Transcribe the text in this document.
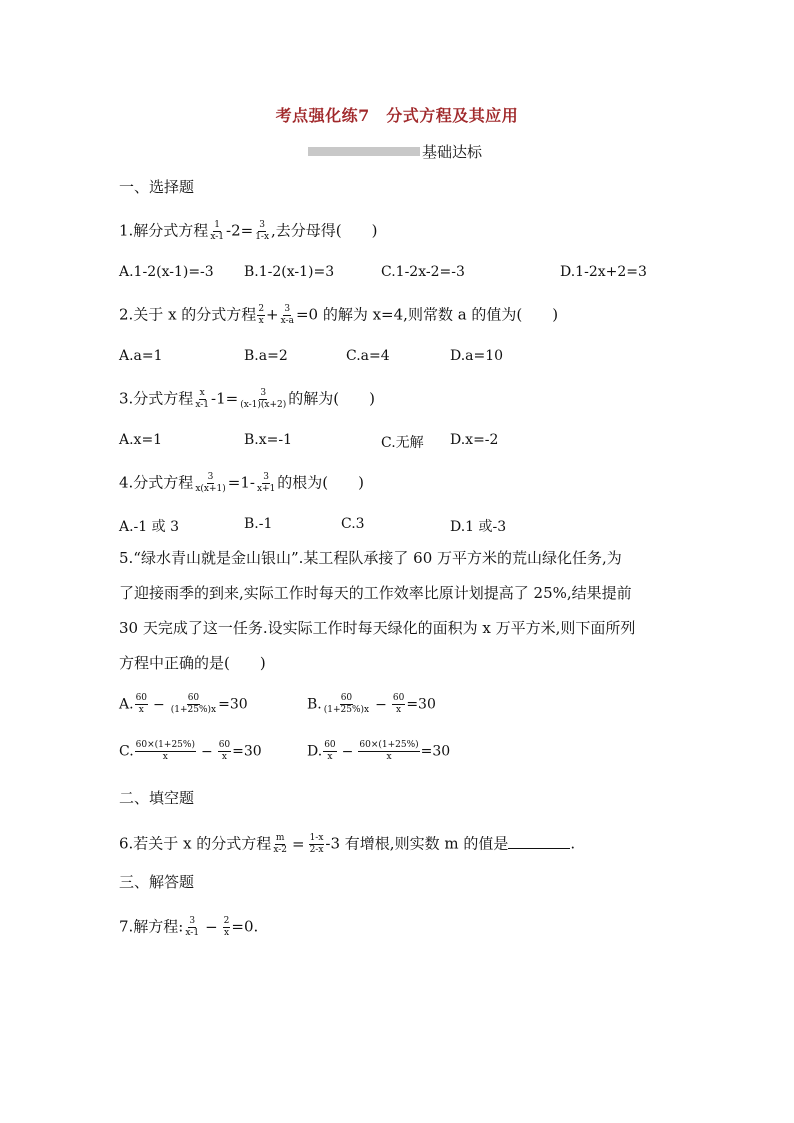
考点强化练7　分式方程及其应用
基础达标
一、选择题
1.解分式方程 $\frac{1}{x-1} -2= \frac{3}{1-x}$ ,去分母得( )
A.1-2(x-1)=-3 B.1-2(x-1)=3	C.1-2x-2=-3	D.1-2x+2=3
2.关于 x 的分式方程 $\frac{2}{x} + \frac{3}{x-a} =0$ 的解为 x=4,则常数 a 的值为( )
A.a=1	B.a=2	C.a=4	D.a=10
3.分式方程 $\frac{x}{x-1} -1= \frac{3}{(x-1)(x+2)}$ 的解为( )
A.x=1	B.x=-1	C.无解 D.x=-2
4.分式方程 $\frac{3}{x(x+1)} =1- \frac{3}{x+1}$ 的根为( )
A.-1 或 3	B.-1	C.3	D.1 或-3
5.“绿水青山就是金山银山”.某工程队承接了 60 万平方米的荒山绿化任务,为
了迎接雨季的到来,实际工作时每天的工作效率比原计划提高了 25%,结果提前
30 天完成了这一任务.设实际工作时每天绿化的面积为 x 万平方米,则下面所列
方程中正确的是( )
A. $\frac{60}{x} - \frac{60}{(1+25\%)x} =30$	B. $\frac{60}{(1+25\%)x} - \frac{60}{x} =30$
C. $\frac{60\times(1+25\%)}{x} - \frac{60}{x} =30$	D. $\frac{60}{x} - \frac{60\times(1+25\%)}{x} =30$
二、填空题
6.若关于 x 的分式方程 $\frac{m}{x-2} = \frac{1-x}{2-x} -3$ 有增根,则实数 m 的值是	.
三、解答题
7.解方程: $\frac{3}{x-1} - \frac{2}{x} =0$.
